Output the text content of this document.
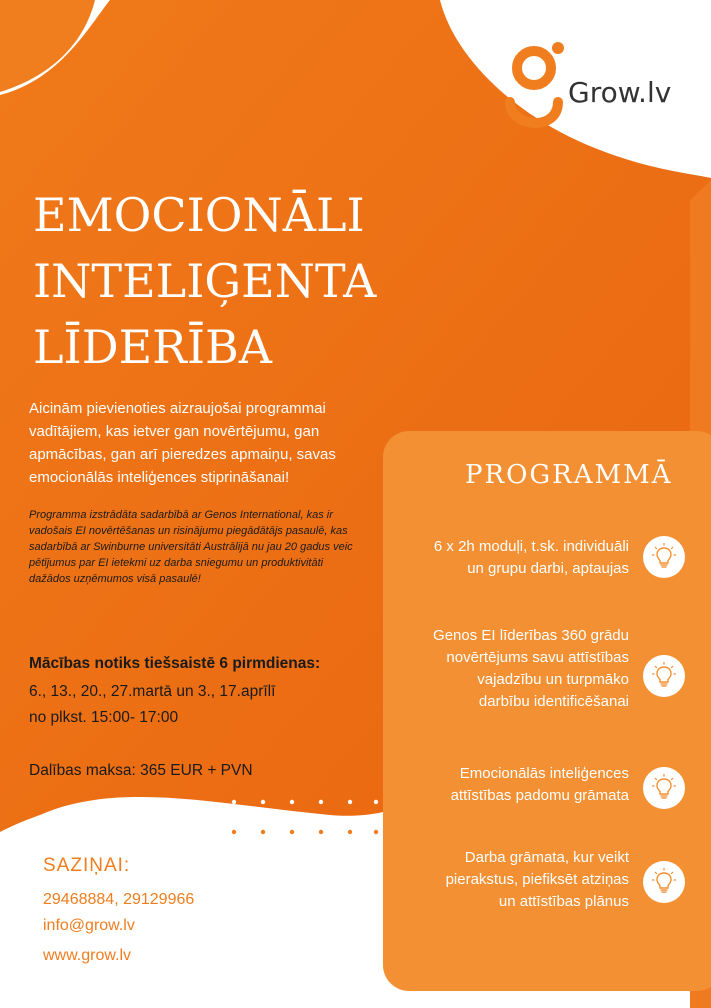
Grow.lv
EMOCIONĀLI
INTELIĢENTA
LĪDERĪBA

Aicinām pievienoties aizraujošai programmai vadītājiem, kas ietver gan novērtējumu, gan apmācības, gan arī pieredzes apmaiņu, savas emocionālās inteliģences stiprināšanai!

Programma izstrādāta sadarbībā ar Genos International, kas ir vadošais EI novērtēšanas un risinājumu piegādātājs pasaulē, kas sadarbībā ar Swinburne universitāti Austrālijā nu jau 20 gadus veic pētījumus par EI ietekmi uz darba sniegumu un produktivitāti dažādos uzņēmumos visā pasaulē!

Mācības notiks tiešsaistē 6 pirmdienas:
6., 13., 20., 27.martā un 3., 17.aprīlī
no plkst. 15:00- 17:00
Dalības maksa: 365 EUR + PVN
SAZIŅAI:
29468884, 29129966
info@grow.lv
www.grow.lv
PROGRAMMĀ
6 x 2h moduļi, t.sk. individuāli
un grupu darbi, aptaujas
Genos EI līderības 360 grādu
novērtējums savu attīstības
vajadzību un turpmāko
darbību identificēšanai
Emocionālās inteliģences
attīstības padomu grāmata
Darba grāmata, kur veikt
pierakstus, piefiksēt atziņas
un attīstības plānus
